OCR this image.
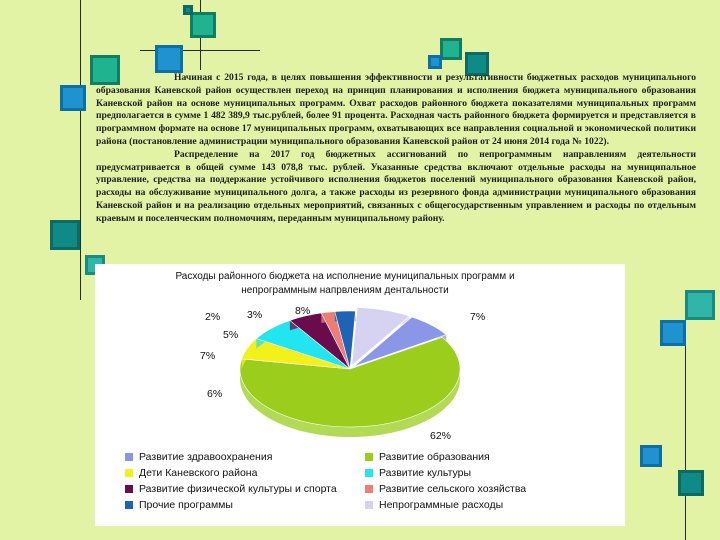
Начиная с 2015 года, в целях повышения эффективности и результативности бюджетных расходов муниципального образования Каневской район осуществлен переход на принцип планирования и исполнения бюджета муниципального образования Каневской район на основе муниципальных программ. Охват расходов районного бюджета показателями муниципальных программ предполагается в сумме 1 482 389,9 тыс.рублей, более 91 процента. Расходная часть районного бюджета формируется и представляется в программном формате на основе 17 муниципальных программ, охватывающих все направления социальной и экономической политики района (постановление администрации муниципального образования Каневской район от 24 июня 2014 года № 1022).

Распределение на 2017 год бюджетных ассигнований по непрограммным направлениям деятельности предусматривается в общей сумме 143 078,8 тыс. рублей. Указанные средства включают отдельные расходы на муниципальное управление, средства на поддержание устойчивого исполнения бюджетов поселений муниципального образования Каневской район, расходы на обслуживание муниципального долга, а также расходы из резервного фонда администрации муниципального образования Каневской район и на реализацию отдельных мероприятий, связанных с общегосударственным управлением и расходы по отдельным краевым и поселенческим полномочиям, переданным муниципальному району.

Расходы районного бюджета на исполнение муниципальных программ и
непрограммным напрвлениям дентальности
7%
62%
6%
7%
5%
2%	3%	8%
Развитие здравоохранения	Развитие образования
Дети Каневского района	Развитие культуры
Развитие физической культуры и спорта	Развитие сельского хозяйства
Прочие программы	Непрограммные расходы
